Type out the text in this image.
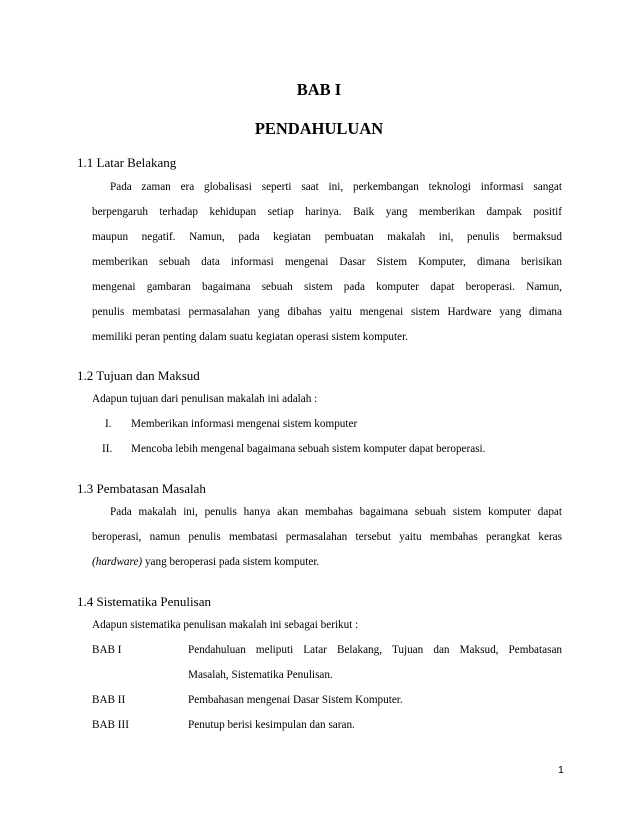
BAB I
PENDAHULUAN
1.1 Latar Belakang
Pada zaman era globalisasi seperti saat ini, perkembangan teknologi informasi sangat
berpengaruh terhadap kehidupan setiap harinya. Baik yang memberikan dampak positif
maupun negatif. Namun, pada kegiatan pembuatan makalah ini, penulis bermaksud
memberikan sebuah data informasi mengenai Dasar Sistem Komputer, dimana berisikan
mengenai gambaran bagaimana sebuah sistem pada komputer dapat beroperasi. Namun,
penulis membatasi permasalahan yang dibahas yaitu mengenai sistem Hardware yang dimana
memiliki peran penting dalam suatu kegiatan operasi sistem komputer.
1.2 Tujuan dan Maksud
Adapun tujuan dari penulisan makalah ini adalah :
I. Memberikan informasi mengenai sistem komputer
II. Mencoba lebih mengenal bagaimana sebuah sistem komputer dapat beroperasi.
1.3 Pembatasan Masalah
Pada makalah ini, penulis hanya akan membahas bagaimana sebuah sistem komputer dapat
beroperasi, namun penulis membatasi permasalahan tersebut yaitu membahas perangkat keras
(hardware) yang beroperasi pada sistem komputer.
1.4 Sistematika Penulisan
Adapun sistematika penulisan makalah ini sebagai berikut :
BAB I	Pendahuluan meliputi Latar Belakang, Tujuan dan Maksud, Pembatasan
Masalah, Sistematika Penulisan.
BAB II	Pembahasan mengenai Dasar Sistem Komputer.
BAB III	Penutup berisi kesimpulan dan saran.
1
